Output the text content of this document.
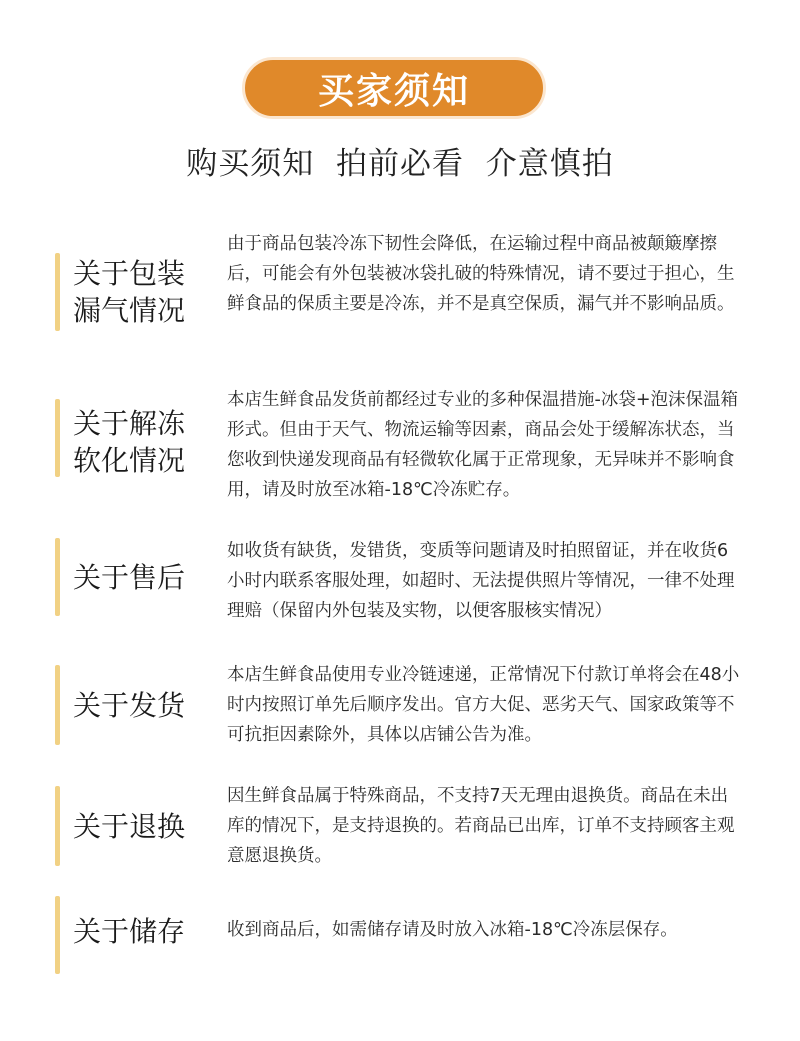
买家须知
购买须知  拍前必看  介意慎拍
关于包装
漏气情况
由于商品包装冷冻下韧性会降低，在运输过程中商品被颠簸摩擦后，可能会有外包装被冰袋扎破的特殊情况，请不要过于担心，生鲜食品的保质主要是冷冻，并不是真空保质，漏气并不影响品质。
关于解冻
软化情况
本店生鲜食品发货前都经过专业的多种保温措施-冰袋+泡沫保温箱形式。但由于天气、物流运输等因素，商品会处于缓解冻状态，当您收到快递发现商品有轻微软化属于正常现象，无异味并不影响食用，请及时放至冰箱-18℃冷冻贮存。
关于售后
如收货有缺货，发错货，变质等问题请及时拍照留证，并在收货6小时内联系客服处理，如超时、无法提供照片等情况，一律不处理理赔（保留内外包装及实物，以便客服核实情况）
关于发货
本店生鲜食品使用专业冷链速递，正常情况下付款订单将会在48小时内按照订单先后顺序发出。官方大促、恶劣天气、国家政策等不可抗拒因素除外，具体以店铺公告为准。
关于退换
因生鲜食品属于特殊商品，不支持7天无理由退换货。商品在未出库的情况下，是支持退换的。若商品已出库，订单不支持顾客主观意愿退换货。
关于储存	收到商品后，如需储存请及时放入冰箱-18℃冷冻层保存。
